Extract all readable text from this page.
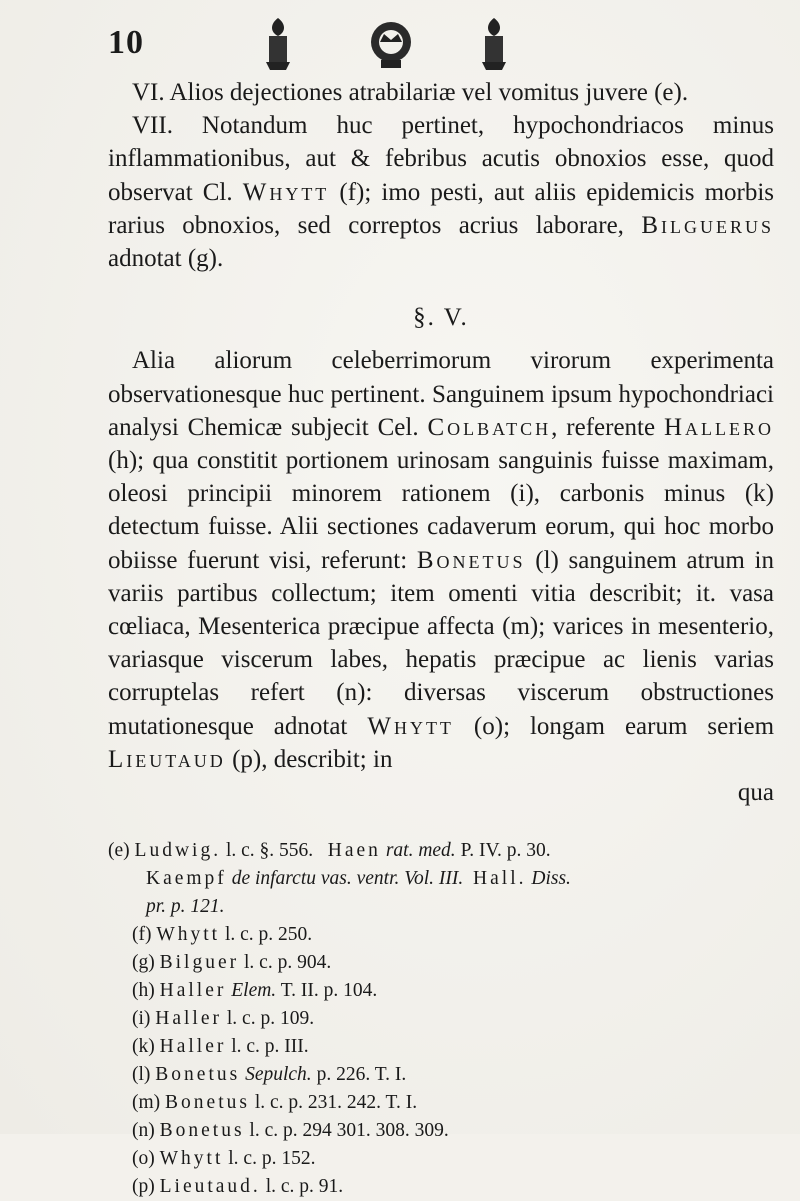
10

VI. Alios dejectiones atrabilariæ vel vomitus juvere (e).

VII. Notandum huc pertinet, hypochondriacos minus inflammationibus, aut & febribus acutis obnoxios esse, quod observat Cl. Whytt (f); imo pesti, aut aliis epidemicis morbis rarius obnoxios, sed correptos acrius laborare, Bilguerus adnotat (g).

§. V.

Alia aliorum celeberrimorum virorum experimenta observationesque huc pertinent. Sanguinem ipsum hypochondriaci analysi Chemicæ subjecit Cel. Colbatch, referente Hallero (h); qua constitit portionem urinosam sanguinis fuisse maximam, oleosi principii minorem rationem (i), carbonis minus (k) detectum fuisse. Alii sectiones cadaverum eorum, qui hoc morbo obiisse fuerunt visi, referunt: Bonetus (l) sanguinem atrum in variis partibus collectum; item omenti vitia describit; it. vasa cœliaca, Mesenterica præcipue affecta (m); varices in mesenterio, variasque viscerum labes, hepatis præcipue ac lienis varias corruptelas refert (n): diversas viscerum obstructiones mutationesque adnotat Whytt (o); longam earum seriem Lieutaud (p), describit; in

qua
(e) Ludwig. l. c. §. 556. Haen rat. med. P. IV. p. 30.
Kaempf de infarctu vas. ventr. Vol. III. Hall. Diss.
pr. p. 121.
(f) Whytt l. c. p. 250.
(g) Bilguer l. c. p. 904.
(h) Haller Elem. T. II. p. 104.
(i) Haller l. c. p. 109.
(k) Haller l. c. p. III.
(l) Bonetus Sepulch. p. 226. T. I.
(m) Bonetus l. c. p. 231. 242. T. I.
(n) Bonetus l. c. p. 294 301. 308. 309.
(o) Whytt l. c. p. 152.
(p) Lieutaud. l. c. p. 91.
